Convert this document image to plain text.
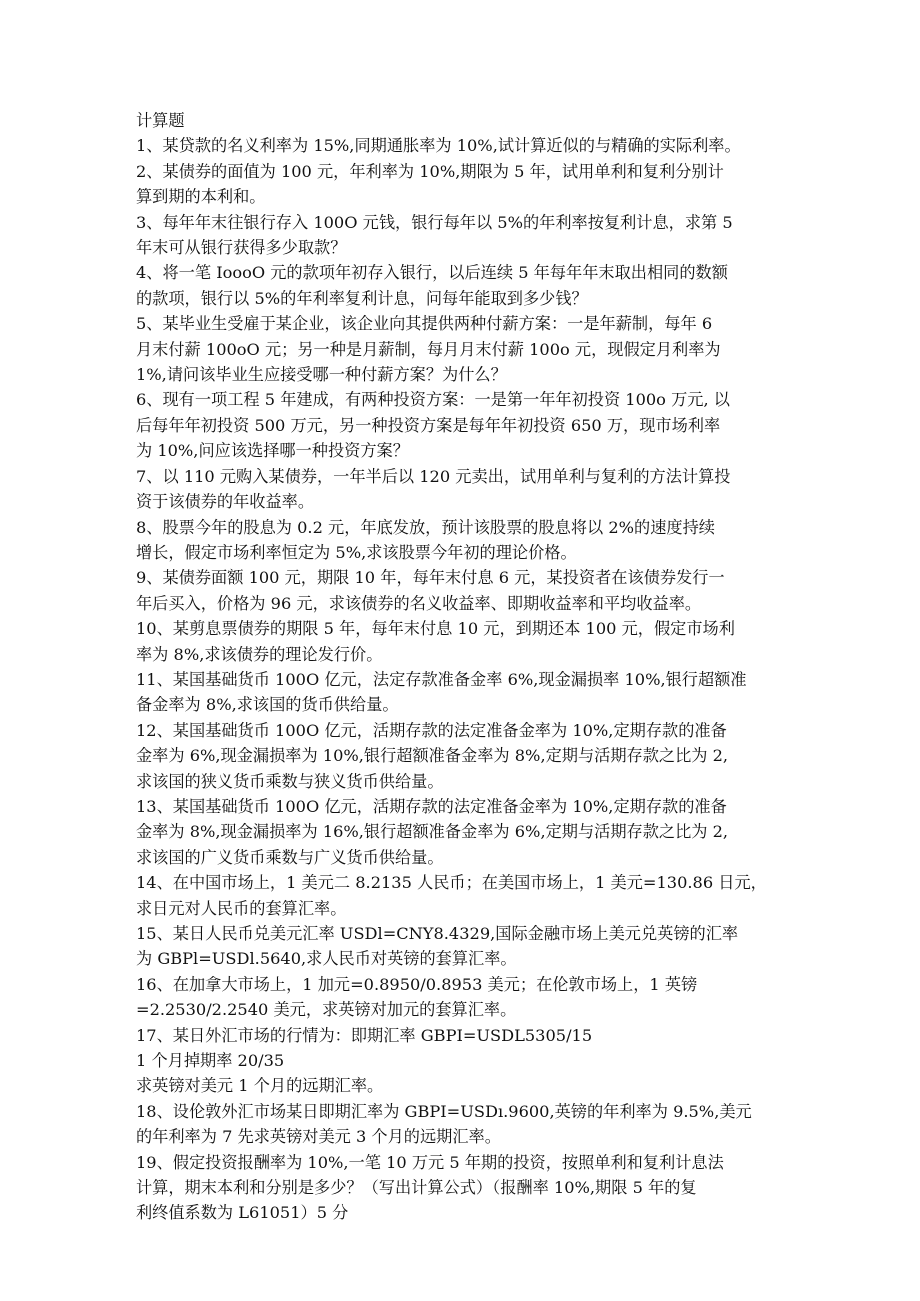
计算题
1、某贷款的名义利率为 15%,同期通胀率为 10%,试计算近似的与精确的实际利率。
2、某债券的面值为 100 元，年利率为 10%,期限为 5 年，试用单利和复利分别计
算到期的本利和。
3、每年年末往银行存入 100O 元钱，银行每年以 5%的年利率按复利计息，求第 5
年末可从银行获得多少取款？
4、将一笔 IoooO 元的款项年初存入银行，以后连续 5 年每年年末取出相同的数额
的款项，银行以 5%的年利率复利计息，问每年能取到多少钱？
5、某毕业生受雇于某企业，该企业向其提供两种付薪方案：一是年薪制，每年 6
月末付薪 100oO 元；另一种是月薪制，每月月末付薪 100o 元，现假定月利率为
1%,请问该毕业生应接受哪一种付薪方案？为什么？
6、现有一项工程 5 年建成，有两种投资方案：一是第一年年初投资 100o 万元, 以
后每年年初投资 500 万元，另一种投资方案是每年年初投资 650 万，现市场利率
为 10%,问应该选择哪一种投资方案？
7、以 110 元购入某债券，一年半后以 120 元卖出，试用单利与复利的方法计算投
资于该债券的年收益率。
8、股票今年的股息为 0.2 元，年底发放，预计该股票的股息将以 2%的速度持续
增长，假定市场利率恒定为 5%,求该股票今年初的理论价格。
9、某债券面额 100 元，期限 10 年，每年末付息 6 元，某投资者在该债券发行一
年后买入，价格为 96 元，求该债券的名义收益率、即期收益率和平均收益率。
10、某剪息票债券的期限 5 年，每年末付息 10 元，到期还本 100 元，假定市场利
率为 8%,求该债券的理论发行价。
11、某国基础货币 100O 亿元，法定存款准备金率 6%,现金漏损率 10%,银行超额准
备金率为 8%,求该国的货币供给量。
12、某国基础货币 100O 亿元，活期存款的法定准备金率为 10%,定期存款的准备
金率为 6%,现金漏损率为 10%,银行超额准备金率为 8%,定期与活期存款之比为 2,
求该国的狭义货币乘数与狭义货币供给量。
13、某国基础货币 100O 亿元，活期存款的法定准备金率为 10%,定期存款的准备
金率为 8%,现金漏损率为 16%,银行超额准备金率为 6%,定期与活期存款之比为 2,
求该国的广义货币乘数与广义货币供给量。
14、在中国市场上，1 美元二 8.2135 人民币；在美国市场上，1 美元=130.86 日元，
求日元对人民币的套算汇率。
15、某日人民币兑美元汇率 USDl=CNY8.4329,国际金融市场上美元兑英镑的汇率
为 GBPl=USDl.5640,求人民币对英镑的套算汇率。
16、在加拿大市场上，1 加元=0.8950/0.8953 美元；在伦敦市场上，1 英镑
=2.2530/2.2540 美元，求英镑对加元的套算汇率。
17、某日外汇市场的行情为：即期汇率 GBPI=USDL5305/15
1 个月掉期率 20/35
求英镑对美元 1 个月的远期汇率。
18、设伦敦外汇市场某日即期汇率为 GBPI=USDı.9600,英镑的年利率为 9.5%,美元
的年利率为 7 先求英镑对美元 3 个月的远期汇率。
19、假定投资报酬率为 10%,一笔 10 万元 5 年期的投资，按照单利和复利计息法
计算，期末本利和分别是多少？（写出计算公式）（报酬率 10%,期限 5 年的复
利终值系数为 L61051）5 分
